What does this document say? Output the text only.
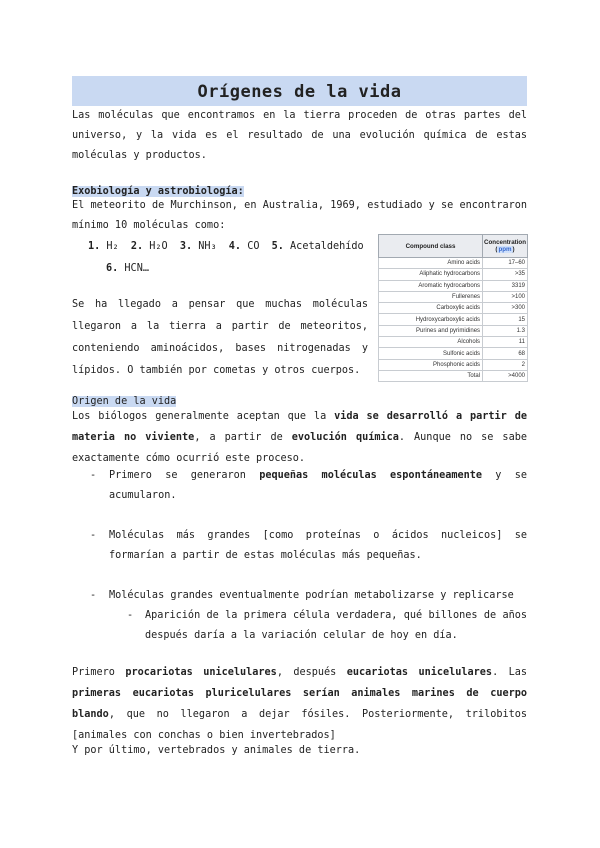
Orígenes de la vida
Las moléculas que encontramos en la tierra proceden de otras partes del universo, y la vida es el resultado de una evolución química de estas moléculas y productos.
Exobiología y astrobiología:
El meteorito de Murchinson, en Australia, 1969, estudiado y se encontraron mínimo 10 moléculas como:
1. H₂ 2. H₂O 3. NH₃ 4. CO 5. Acetaldehído
6. HCN…
Se ha llegado a pensar que muchas moléculas llegaron a la tierra a partir de meteoritos, conteniendo aminoácidos, bases nitrogenadas y lípidos. O también por cometas y otros cuerpos.
Compound class	Concentration
ppm)

Amino acids	17–60
Aliphatic hydrocarbons	>35
Aromatic hydrocarbons	3319
Fullerenes	>100
Carboxylic acids	>300
Hydroxycarboxylic acids	15
Purines and pyrimidines	1.3
Alcohols	11
Sulfonic acids	68
Phosphonic acids	2
Total	>4000
Origen de la vida
Los biólogos generalmente aceptan que la vida se desarrolló a partir de materia no viviente, a partir de evolución química. Aunque no se sabe exactamente cómo ocurrió este proceso.
- Primero se generaron pequeñas moléculas espontáneamente y se acumularon.
- Moléculas más grandes [como proteínas o ácidos nucleicos] se formarían a partir de estas moléculas más pequeñas.
- Moléculas grandes eventualmente podrían metabolizarse y replicarse
- Aparición de la primera célula verdadera, qué billones de años después daría a la variación celular de hoy en día.
Primero procariotas unicelulares, después eucariotas unicelulares. Las primeras eucariotas pluricelulares serían animales marines de cuerpo blando, que no llegaron a dejar fósiles. Posteriormente, trilobitos [animales con conchas o bien invertebrados]
Y por último, vertebrados y animales de tierra.
